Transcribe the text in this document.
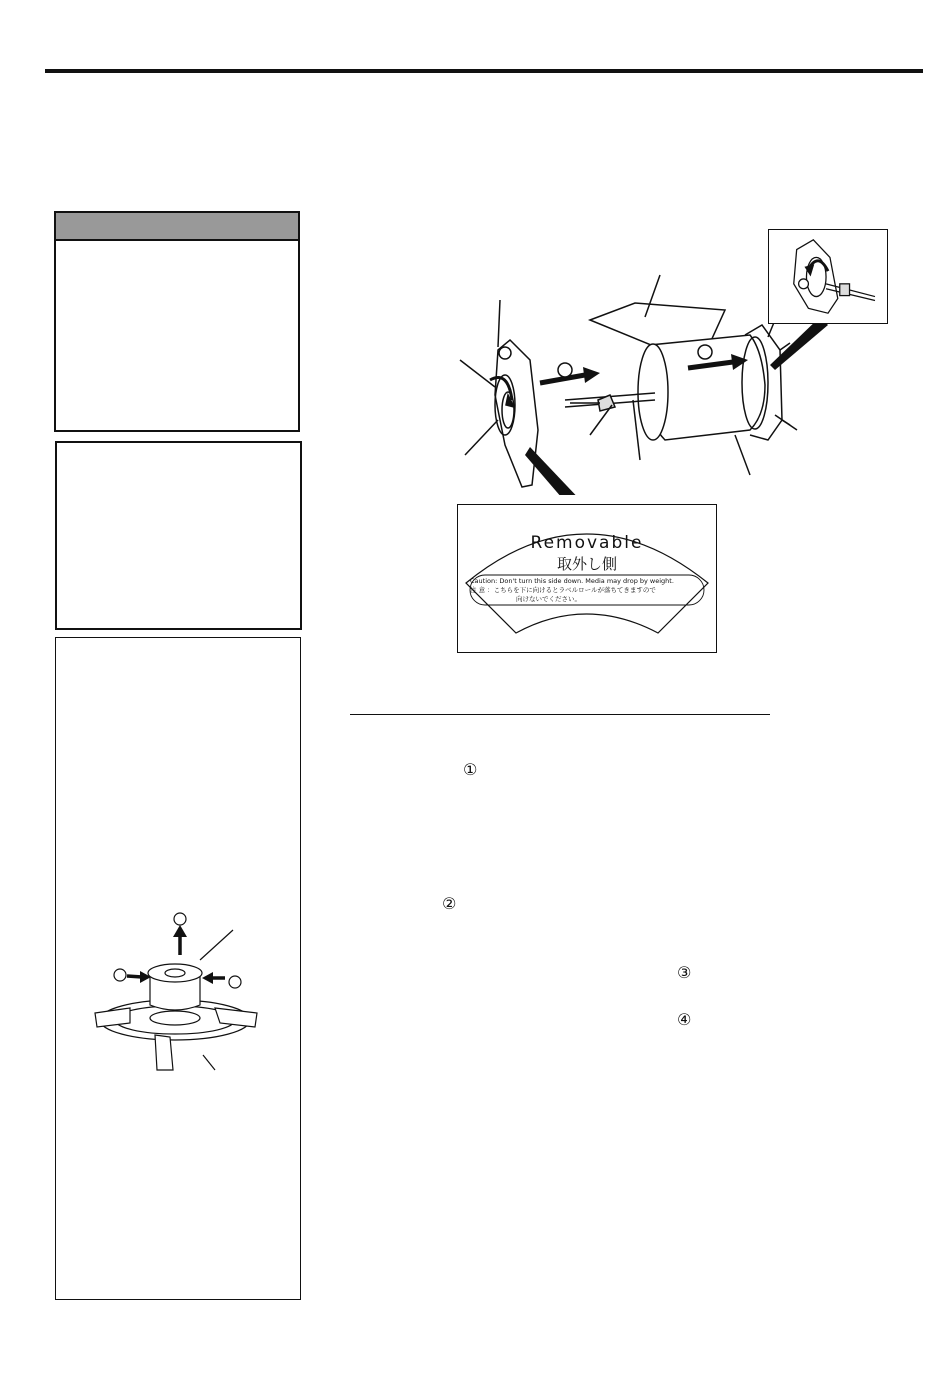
Removable
取外し側
Caution: Don't turn this side down. Media may drop by weight.
注 意 ：こちらを下に向けるとラベルロールが落ちてきますので
向けないでください。
①
②
③
④
